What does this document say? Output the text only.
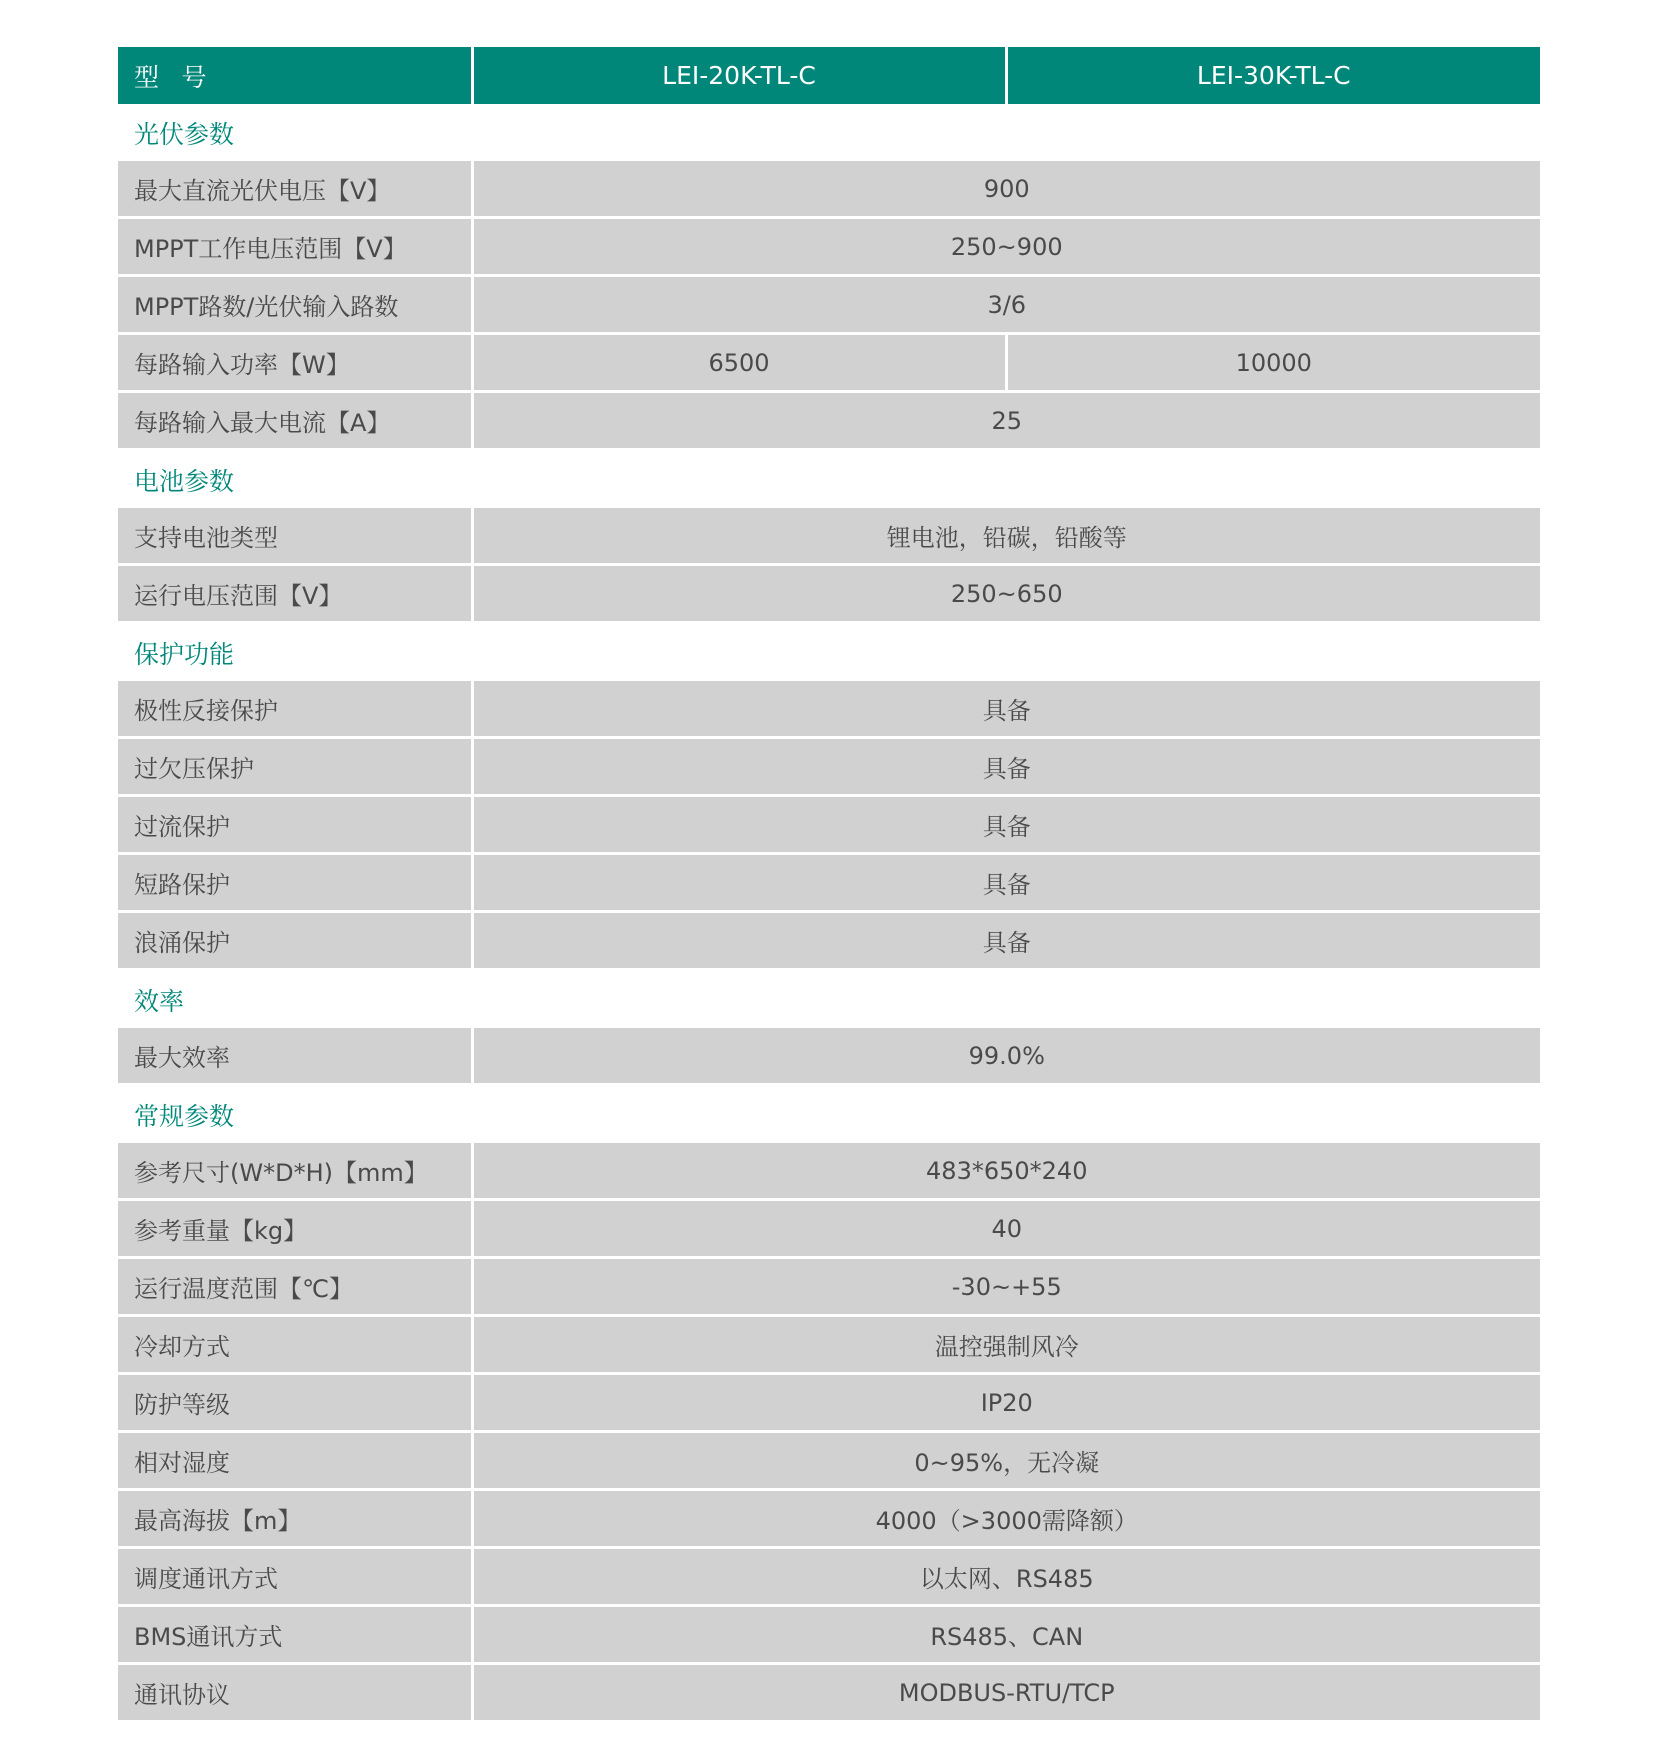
型号	LEI-20K-TL-C	LEI-30K-TL-C
光伏参数		
最大直流光伏电压【V】	900	
MPPT工作电压范围【V】	250~900	
MPPT路数/光伏输入路数	3/6	
每路输入功率【W】	6500	10000
每路输入最大电流【A】	25	
电池参数		
支持电池类型	锂电池，铅碳，铅酸等	
运行电压范围【V】	250~650	
保护功能		
极性反接保护	具备	
过欠压保护	具备	
过流保护	具备	
短路保护	具备	
浪涌保护	具备	
效率		
最大效率	99.0%	
常规参数		
参考尺寸(W*D*H)【mm】	483*650*240	
参考重量【kg】	40	
运行温度范围【℃】	-30~+55	
冷却方式	温控强制风冷	
防护等级	IP20	
相对湿度	0~95%，无冷凝	
最高海拔【m】	4000（>3000需降额）	
调度通讯方式	以太网、RS485	
BMS通讯方式	RS485、CAN	
通讯协议	MODBUS-RTU/TCP	
